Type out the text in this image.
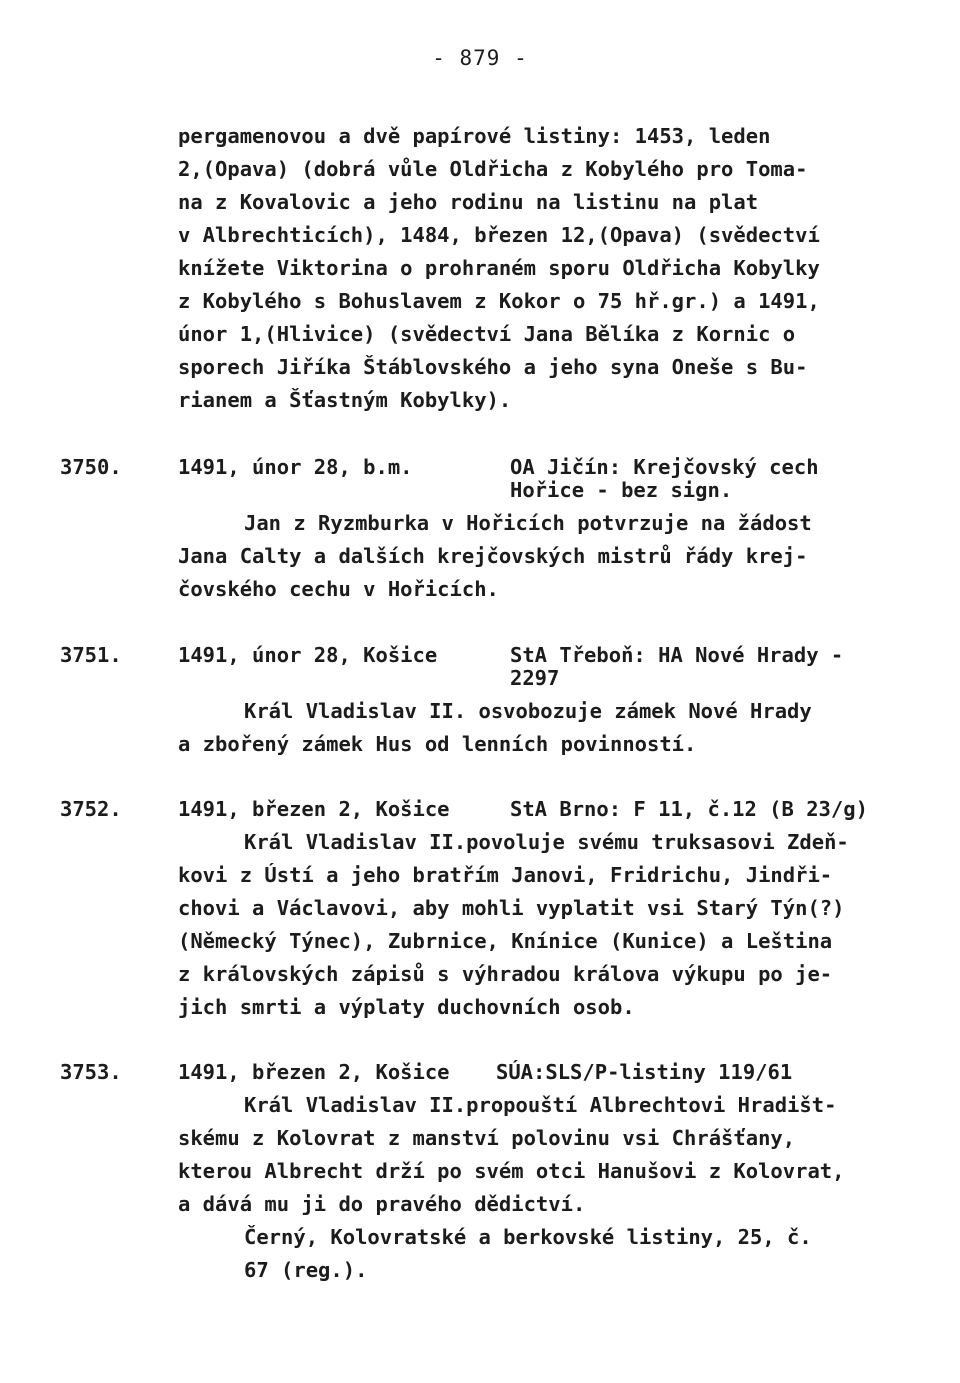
- 879 -
pergamenovou a dvě papírové listiny: 1453, leden
2,(Opava) (dobrá vůle Oldřicha z Kobylého pro Toma-
na z Kovalovic a jeho rodinu na listinu na plat
v Albrechticích), 1484, březen 12,(Opava) (svědectví
knížete Viktorina o prohraném sporu Oldřicha Kobylky
z Kobylého s Bohuslavem z Kokor o 75 hř.gr.) a 1491,
únor 1,(Hlivice) (svědectví Jana Bělíka z Kornic o
sporech Jiříka Štáblovského a jeho syna Oneše s Bu-
rianem a Šťastným Kobylky).
3750.	1491, únor 28, b.m.	OA Jičín: Krejčovský cech
Hořice - bez sign.
Jan z Ryzmburka v Hořicích potvrzuje na žádost
Jana Calty a dalších krejčovských mistrů řády krej-
čovského cechu v Hořicích.
3751.	1491, únor 28, Košice	StA Třeboň: HA Nové Hrady -
2297
Král Vladislav II. osvobozuje zámek Nové Hrady
a zbořený zámek Hus od lenních povinností.
3752.	1491, březen 2, Košice	StA Brno: F 11, č.12 (B 23/g)
Král Vladislav II.povoluje svému truksasovi Zdeň-
kovi z Ústí a jeho bratřím Janovi, Fridrichu, Jindři-
chovi a Václavovi, aby mohli vyplatit vsi Starý Týn(?)
(Německý Týnec), Zubrnice, Knínice (Kunice) a Leština
z královských zápisů s výhradou králova výkupu po je-
jich smrti a výplaty duchovních osob.
3753.	1491, březen 2, Košice SÚA:SLS/P-listiny 119/61
Král Vladislav II.propouští Albrechtovi Hradišt-
skému z Kolovrat z manství polovinu vsi Chrášťany,
kterou Albrecht drží po svém otci Hanušovi z Kolovrat,
a dává mu ji do pravého dědictví.
Černý, Kolovratské a berkovské listiny, 25, č.
67 (reg.).
